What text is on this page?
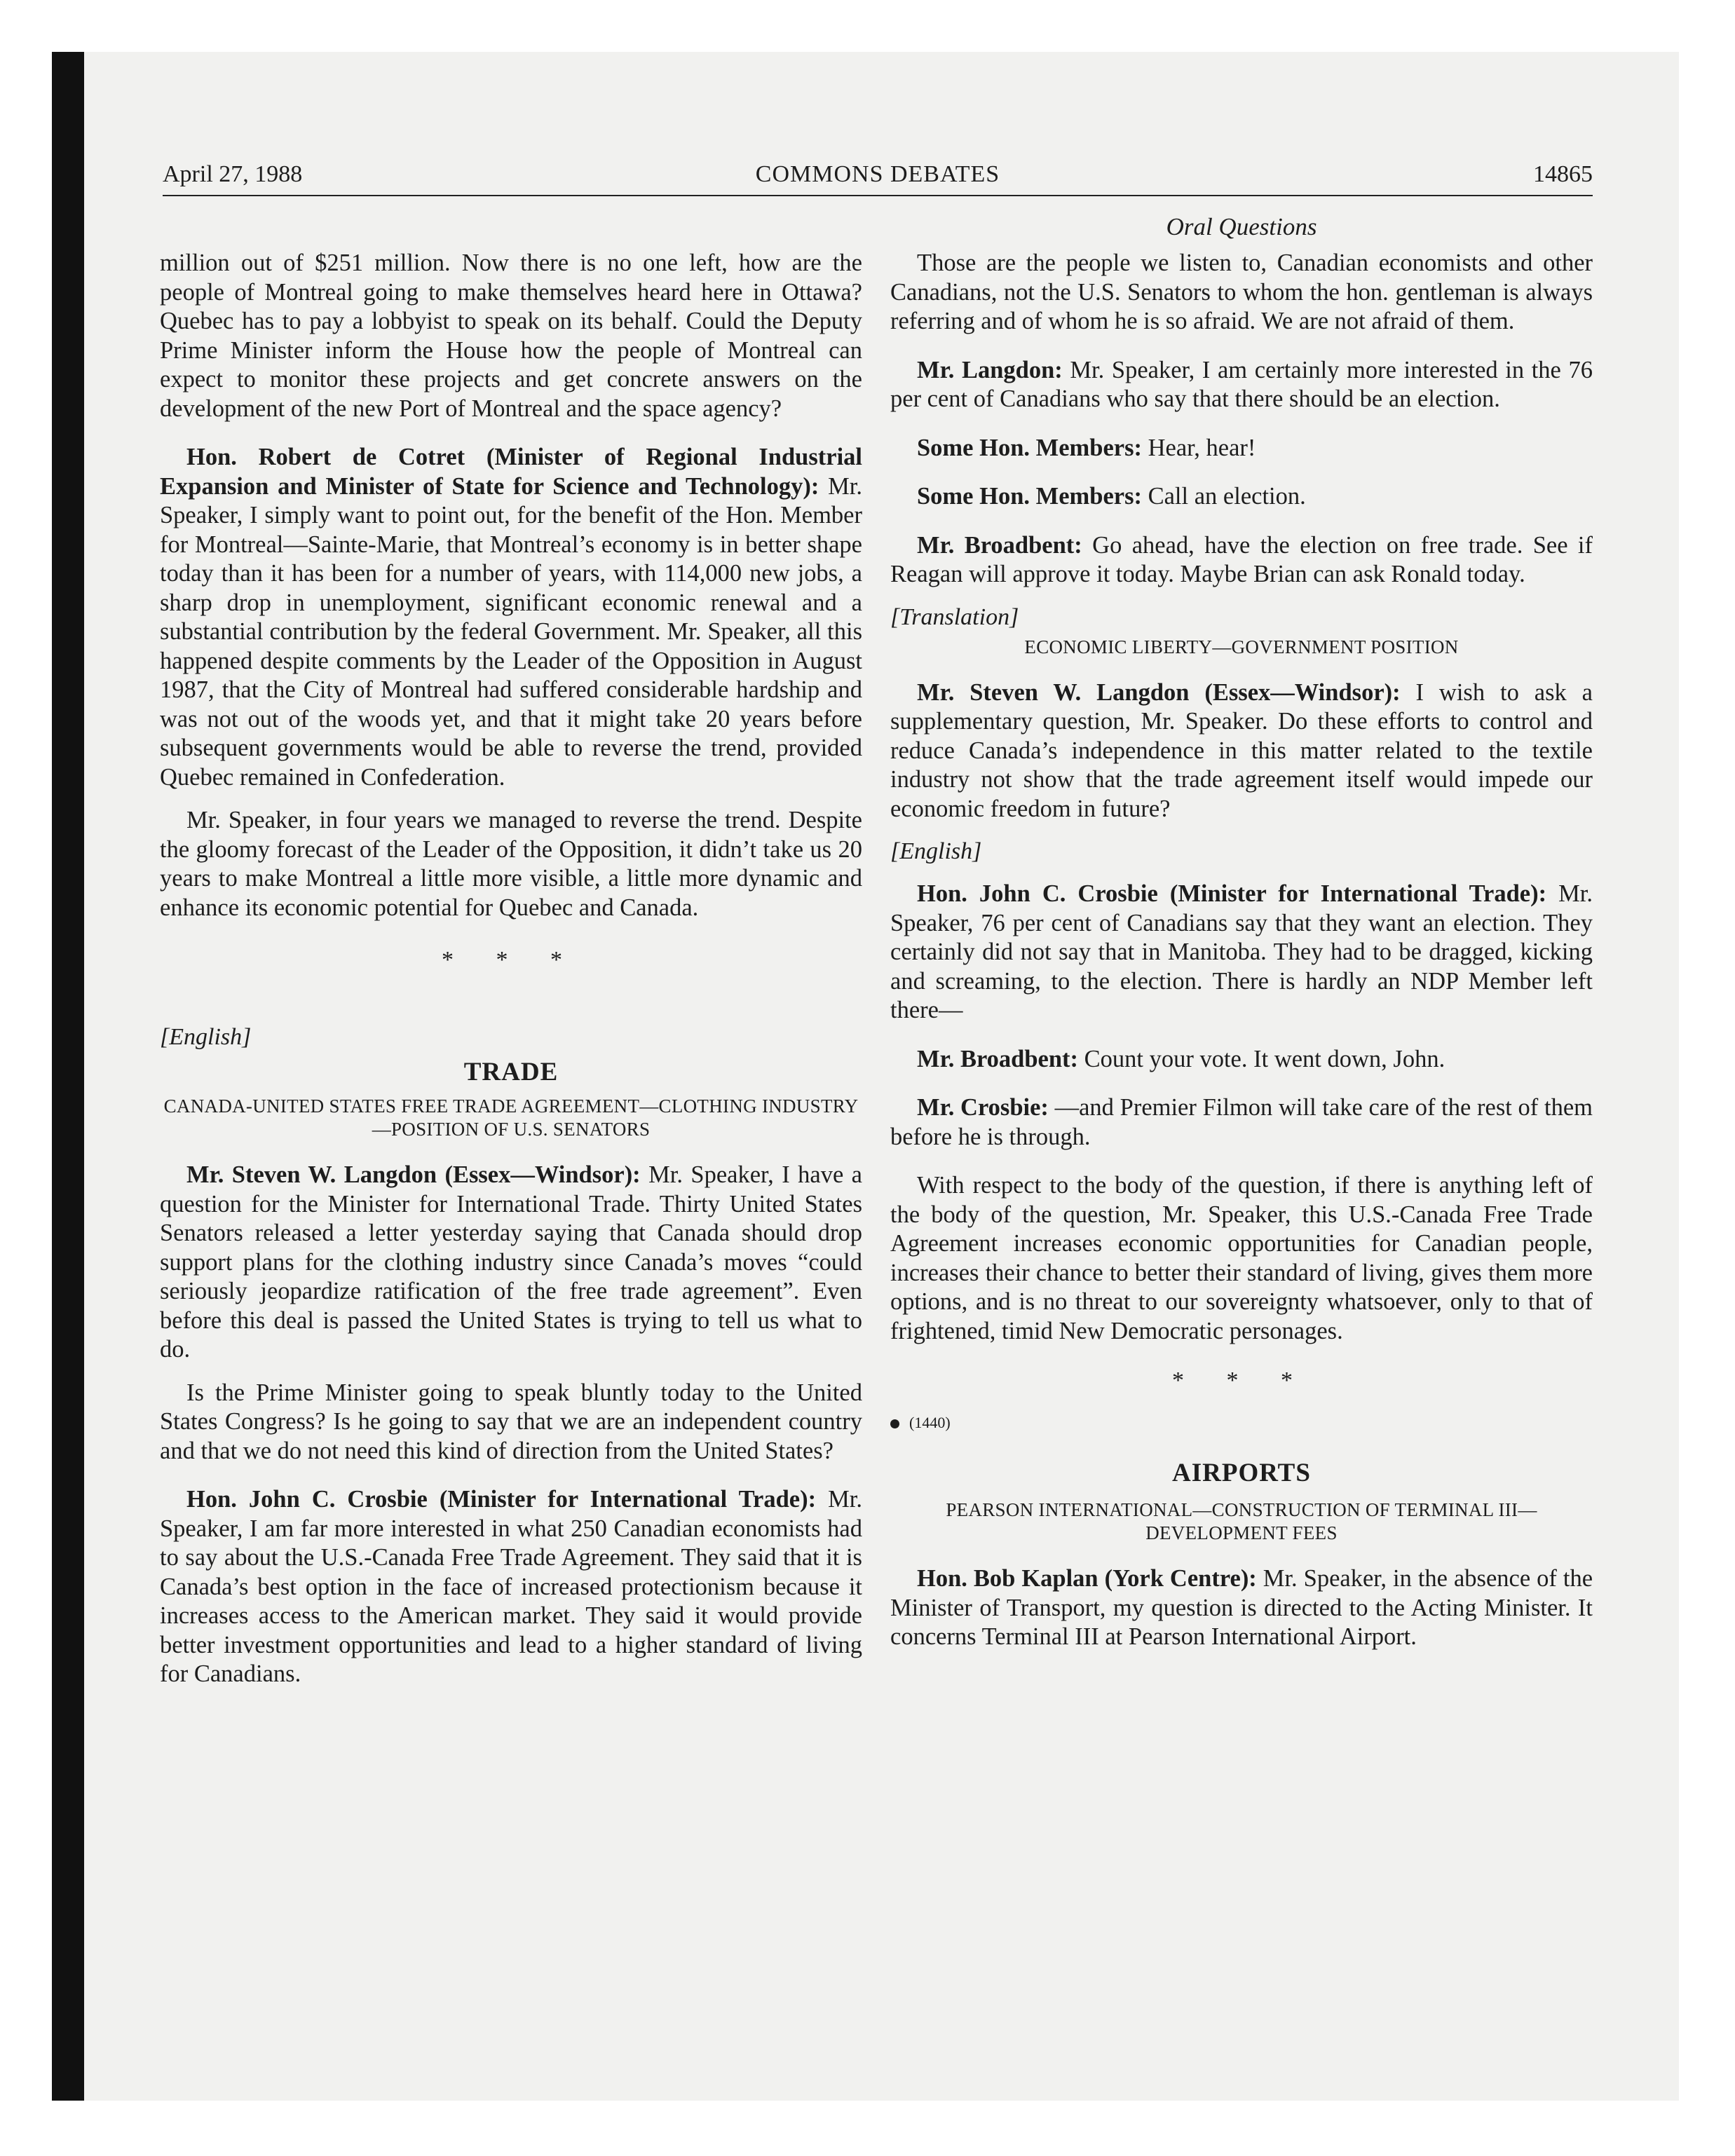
April 27, 1988	COMMONS DEBATES	14865
Oral Questions

million out of $251 million. Now there is no one left, how are the people of Montreal going to make themselves heard here in Ottawa? Quebec has to pay a lobbyist to speak on its behalf. Could the Deputy Prime Minister inform the House how the people of Montreal can expect to monitor these projects and get concrete answers on the development of the new Port of Montreal and the space agency?

Hon. Robert de Cotret (Minister of Regional Industrial Expansion and Minister of State for Science and Technology): Mr. Speaker, I simply want to point out, for the benefit of the Hon. Member for Montreal—Sainte-Marie, that Montreal’s economy is in better shape today than it has been for a number of years, with 114,000 new jobs, a sharp drop in unemployment, significant economic renewal and a substantial contribution by the federal Government. Mr. Speaker, all this happened despite comments by the Leader of the Opposition in August 1987, that the City of Montreal had suffered considerable hardship and was not out of the woods yet, and that it might take 20 years before subsequent governments would be able to reverse the trend, provided Quebec remained in Confederation.

Mr. Speaker, in four years we managed to reverse the trend. Despite the gloomy forecast of the Leader of the Opposition, it didn’t take us 20 years to make Montreal a little more visible, a little more dynamic and enhance its economic potential for Quebec and Canada.

* * *
[English]
TRADE
CANADA-UNITED STATES FREE TRADE AGREEMENT—CLOTHING INDUSTRY—POSITION OF U.S. SENATORS

Mr. Steven W. Langdon (Essex—Windsor): Mr. Speaker, I have a question for the Minister for International Trade. Thirty United States Senators released a letter yesterday saying that Canada should drop support plans for the clothing industry since Canada’s moves “could seriously jeopardize ratification of the free trade agreement”. Even before this deal is passed the United States is trying to tell us what to do.

Is the Prime Minister going to speak bluntly today to the United States Congress? Is he going to say that we are an independent country and that we do not need this kind of direction from the United States?

Hon. John C. Crosbie (Minister for International Trade): Mr. Speaker, I am far more interested in what 250 Canadian economists had to say about the U.S.-Canada Free Trade Agreement. They said that it is Canada’s best option in the face of increased protectionism because it increases access to the American market. They said it would provide better investment opportunities and lead to a higher standard of living for Canadians.

Those are the people we listen to, Canadian economists and other Canadians, not the U.S. Senators to whom the hon. gentleman is always referring and of whom he is so afraid. We are not afraid of them.

Mr. Langdon: Mr. Speaker, I am certainly more interested in the 76 per cent of Canadians who say that there should be an election.

Some Hon. Members: Hear, hear!

Some Hon. Members: Call an election.

Mr. Broadbent: Go ahead, have the election on free trade. See if Reagan will approve it today. Maybe Brian can ask Ronald today.

[Translation]
ECONOMIC LIBERTY—GOVERNMENT POSITION

Mr. Steven W. Langdon (Essex—Windsor): I wish to ask a supplementary question, Mr. Speaker. Do these efforts to control and reduce Canada’s independence in this matter related to the textile industry not show that the trade agreement itself would impede our economic freedom in future?

[English]

Hon. John C. Crosbie (Minister for International Trade): Mr. Speaker, 76 per cent of Canadians say that they want an election. They certainly did not say that in Manitoba. They had to be dragged, kicking and screaming, to the election. There is hardly an NDP Member left there—

Mr. Broadbent: Count your vote. It went down, John.

Mr. Crosbie: —and Premier Filmon will take care of the rest of them before he is through.

With respect to the body of the question, if there is anything left of the body of the question, Mr. Speaker, this U.S.-Canada Free Trade Agreement increases economic opportunities for Canadian people, increases their chance to better their standard of living, gives them more options, and is no threat to our sovereignty whatsoever, only to that of frightened, timid New Democratic personages.

* * *
(1440)
AIRPORTS
PEARSON INTERNATIONAL—CONSTRUCTION OF TERMINAL III—DEVELOPMENT FEES

Hon. Bob Kaplan (York Centre): Mr. Speaker, in the absence of the Minister of Transport, my question is directed to the Acting Minister. It concerns Terminal III at Pearson International Airport.
